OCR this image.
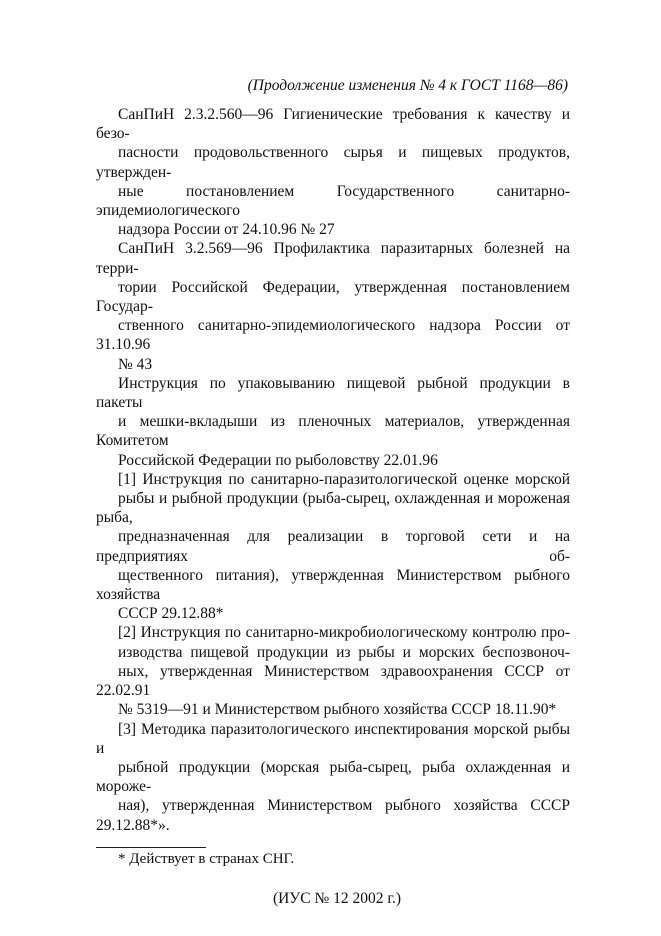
(Продолжение изменения № 4 к ГОСТ 1168—86)
СанПиН 2.3.2.560—96 Гигиенические требования к качеству и безо-
пасности продовольственного сырья и пищевых продуктов, утвержден-
ные постановлением Государственного санитарно-эпидемиологического
надзора России от 24.10.96 № 27
СанПиН 3.2.569—96 Профилактика паразитарных болезней на терри-
тории Российской Федерации, утвержденная постановлением Государ-
ственного санитарно-эпидемиологического надзора России от 31.10.96
№ 43
Инструкция по упаковыванию пищевой рыбной продукции в пакеты
и мешки-вкладыши из пленочных материалов, утвержденная Комитетом
Российской Федерации по рыболовству 22.01.96
[1] Инструкция по санитарно-паразитологической оценке морской
рыбы и рыбной продукции (рыба-сырец, охлажденная и мороженая рыба,
предназначенная для реализации в торговой сети и на предприятиях об-
щественного питания), утвержденная Министерством рыбного хозяйства
СССР 29.12.88*
[2] Инструкция по санитарно-микробиологическому контролю про-
изводства пищевой продукции из рыбы и морских беспозвоноч-
ных, утвержденная Министерством здравоохранения СССР от 22.02.91
№ 5319—91 и Министерством рыбного хозяйства СССР 18.11.90*
[3] Методика паразитологического инспектирования морской рыбы и
рыбной продукции (морская рыба-сырец, рыба охлажденная и мороже-
ная), утвержденная Министерством рыбного хозяйства СССР 29.12.88*».
* Действует в странах СНГ.
(ИУС № 12 2002 г.)
